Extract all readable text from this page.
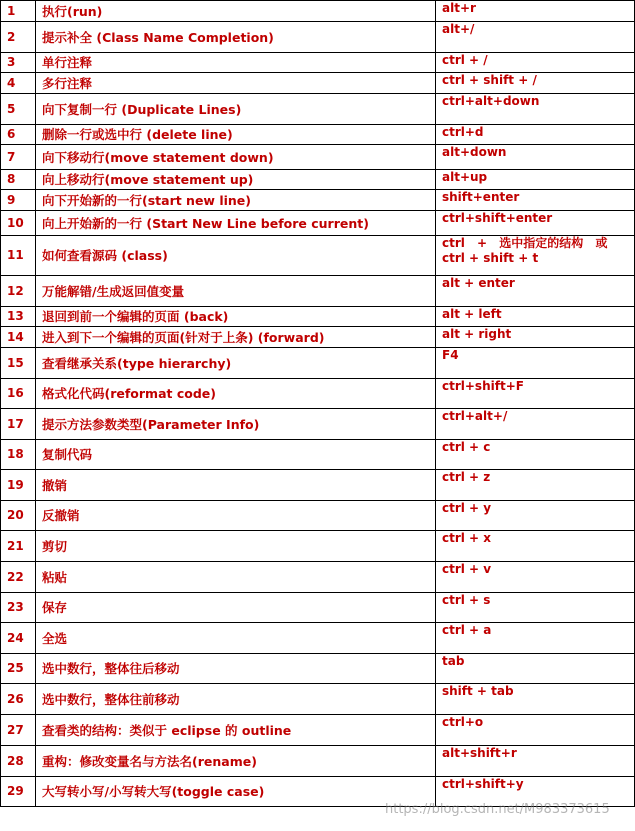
1	执行(run)	alt+r

2	提示补全 (Class Name Completion)	alt+/

3	单行注释	ctrl + /

4	多行注释	ctrl + shift + /

5	向下复制一行 (Duplicate Lines)	ctrl+alt+down

6	删除一行或选中行 (delete line)	ctrl+d

7	向下移动行(move statement down)	alt+down

8	向上移动行(move statement up)	alt+up

9	向下开始新的一行(start new line)	shift+enter

10	向上开始新的一行 (Start New Line before current)	ctrl+shift+enter

11	如何查看源码 (class)	ctrl + 选中指定的结构 或
ctrl + shift + t

12	万能解错/生成返回值变量	alt + enter

13	退回到前一个编辑的页面 (back)	alt + left

14	进入到下一个编辑的页面(针对于上条) (forward)	alt + right

15	查看继承关系(type hierarchy)	F4

16	格式化代码(reformat code)	ctrl+shift+F

17	提示方法参数类型(Parameter Info)	ctrl+alt+/

18	复制代码	ctrl + c

19	撤销	ctrl + z

20	反撤销	ctrl + y

21	剪切	ctrl + x

22	粘贴	ctrl + v

23	保存	ctrl + s

24	全选	ctrl + a

25	选中数行，整体往后移动	tab

26	选中数行，整体往前移动	shift + tab

27	查看类的结构：类似于 eclipse 的 outline	ctrl+o

28	重构：修改变量名与方法名(rename)	alt+shift+r

29	大写转小写/小写转大写(toggle case)	ctrl+shift+y
https://blog.csdn.net/M983373615
